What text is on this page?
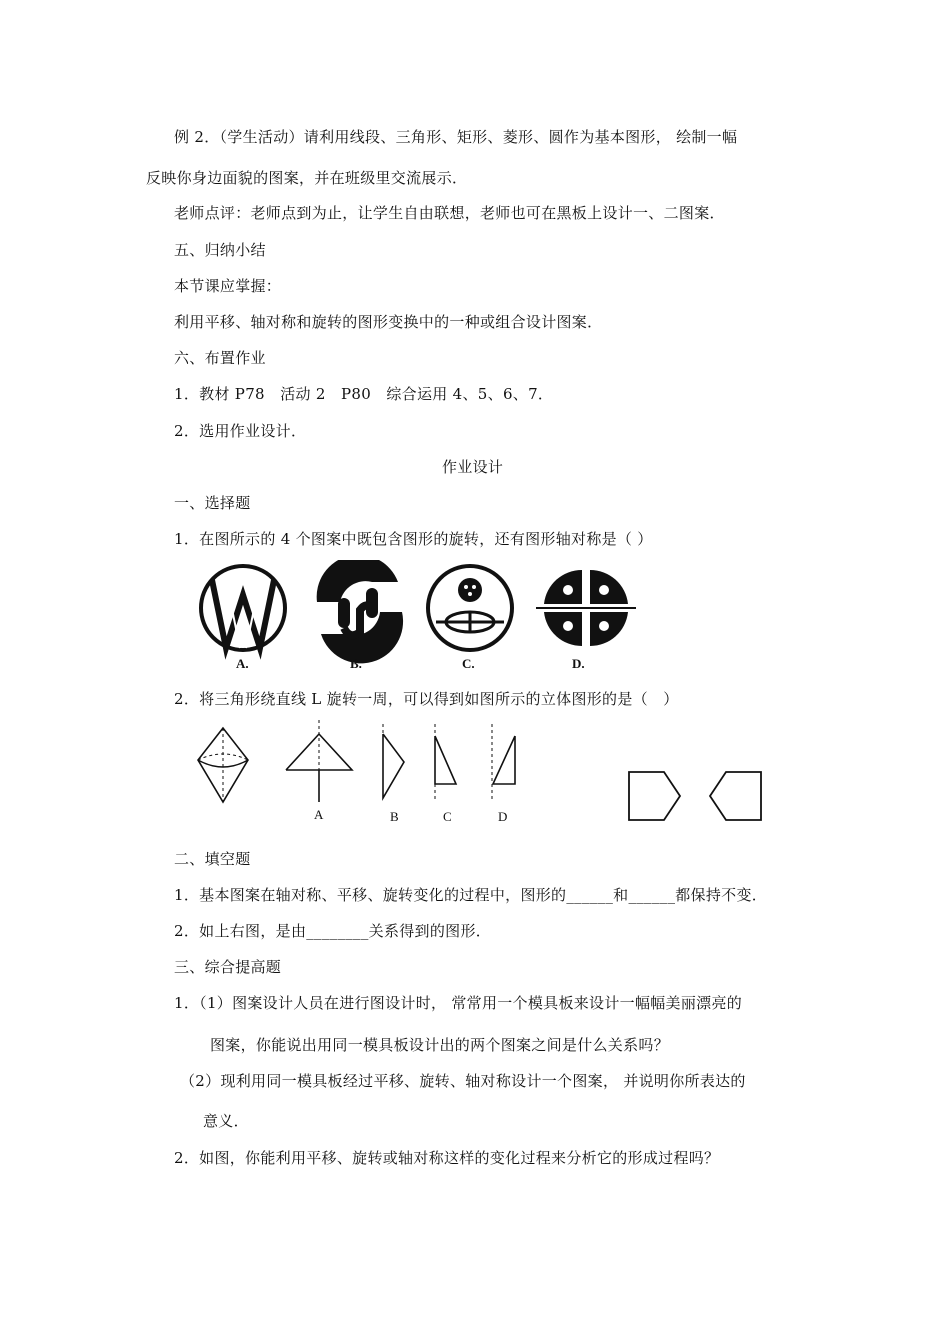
例 2．（学生活动）请利用线段、三角形、矩形、菱形、圆作为基本图形， 绘制一幅
反映你身边面貌的图案，并在班级里交流展示．
老师点评：老师点到为止，让学生自由联想，老师也可在黑板上设计一、二图案．
五、归纳小结
本节课应掌握：
利用平移、轴对称和旋转的图形变换中的一种或组合设计图案．
六、布置作业
1．教材 P78　活动 2　P80　综合运用 4、5、6、7．
2．选用作业设计．
作业设计
一、选择题
1．在图所示的 4 个图案中既包含图形的旋转，还有图形轴对称是（ ）
A.	B.	C.	D.
2．将三角形绕直线 L 旋转一周，可以得到如图所示的立体图形的是（　）
A	B	C	D
二、填空题
1．基本图案在轴对称、平移、旋转变化的过程中，图形的______和______都保持不变．
2．如上右图，是由________关系得到的图形．
三、综合提高题
1．（1）图案设计人员在进行图设计时， 常常用一个模具板来设计一幅幅美丽漂亮的
图案，你能说出用同一模具板设计出的两个图案之间是什么关系吗？
（2）现利用同一模具板经过平移、旋转、轴对称设计一个图案， 并说明你所表达的
意义．
2．如图，你能利用平移、旋转或轴对称这样的变化过程来分析它的形成过程吗？
